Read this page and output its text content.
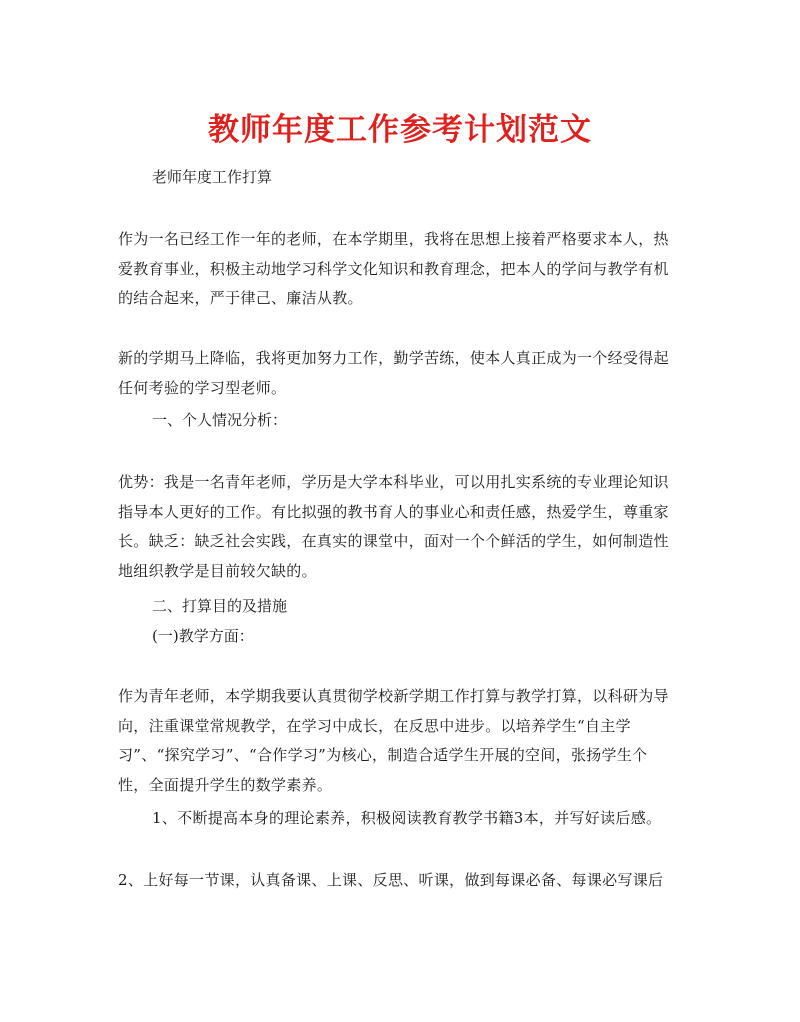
教师年度工作参考计划范文
老师年度工作打算
作为一名已经工作一年的老师，在本学期里，我将在思想上接着严格要求本人，热爱教育事业，积极主动地学习科学文化知识和教育理念，把本人的学问与教学有机的结合起来，严于律己、廉洁从教。
新的学期马上降临，我将更加努力工作，勤学苦练，使本人真正成为一个经受得起任何考验的学习型老师。
一、个人情况分析：
优势：我是一名青年老师，学历是大学本科毕业，可以用扎实系统的专业理论知识指导本人更好的工作。有比拟强的教书育人的事业心和责任感，热爱学生，尊重家长。缺乏：缺乏社会实践，在真实的课堂中，面对一个个鲜活的学生，如何制造性地组织教学是目前较欠缺的。
二、打算目的及措施
(一)教学方面：
作为青年老师，本学期我要认真贯彻学校新学期工作打算与教学打算，以科研为导向，注重课堂常规教学，在学习中成长，在反思中进步。以培养学生“自主学习”、“探究学习”、“合作学习”为核心，制造合适学生开展的空间，张扬学生个性，全面提升学生的数学素养。
1、不断提高本身的理论素养，积极阅读教育教学书籍3本，并写好读后感。
2、上好每一节课，认真备课、上课、反思、听课，做到每课必备、每课必写课后
